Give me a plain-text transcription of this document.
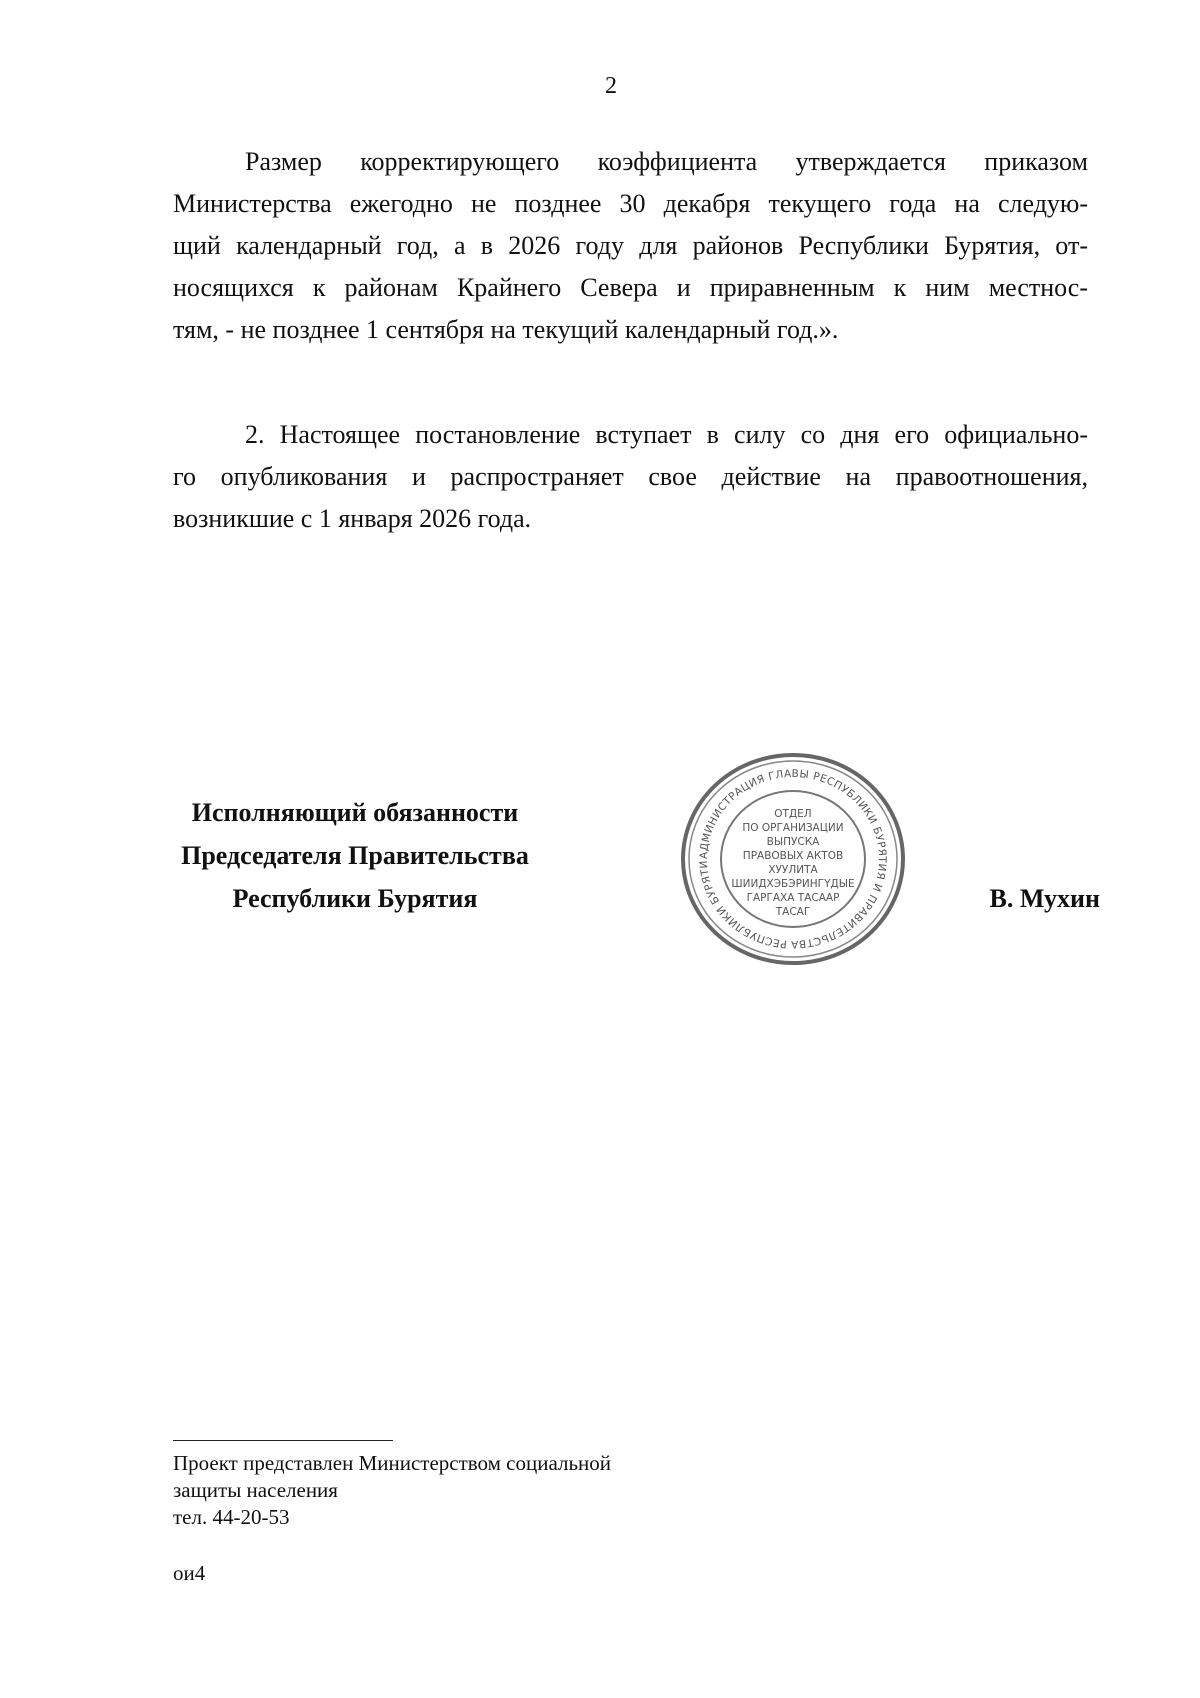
2
Размер корректирующего коэффициента утверждается приказом
Министерства ежегодно не позднее 30 декабря текущего года на следую-
щий календарный год, а в 2026 году для районов Республики Бурятия, от-
носящихся к районам Крайнего Севера и приравненным к ним местнос-
тям, - не позднее 1 сентября на текущий календарный год.».
2. Настоящее постановление вступает в силу со дня его официально-
го опубликования и распространяет свое действие на правоотношения,
возникшие с 1 января 2026 года.
Исполняющий обязанности
Председателя Правительства
Республики Бурятия
АДМИНИСТРАЦИЯ ГЛАВЫ РЕСПУБЛИКИ БУРЯТИЯ И ПРАВИТЕЛЬСТВА РЕСПУБЛИКИ БУРЯТИ
ОТДЕЛ
ПО ОРГАНИЗАЦИИ
ВЫПУСКА
ПРАВОВЫХ АКТОВ
ХУУЛИТА
ШИИДХЭБЭРИНГҮДЫЕ
ГАРГАХА ТАСААР
ТАСАГ	В. Мухин
Проект представлен Министерством социальной
защиты населения
тел. 44-20-53
ои4
